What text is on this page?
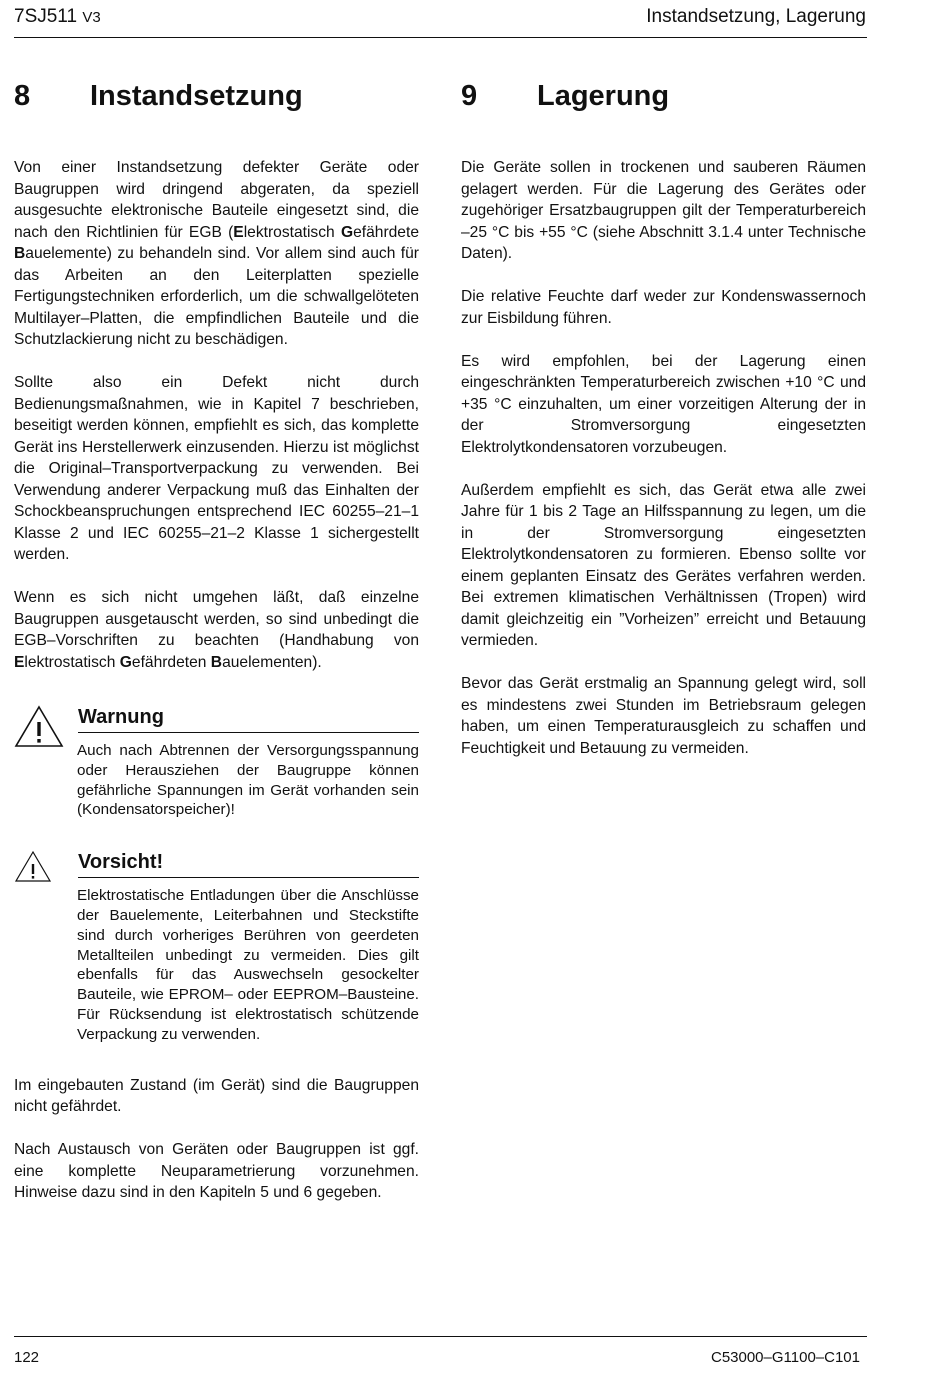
7SJ511 V3	Instandsetzung, Lagerung
8 Instandsetzung	9 Lagerung

Von einer Instandsetzung defekter Geräte oder Baugruppen wird dringend abgeraten, da speziell ausgesuchte elektronische Bauteile eingesetzt sind, die nach den Richtlinien für EGB (Elektrostatisch Gefährdete Bauelemente) zu behandeln sind. Vor allem sind auch für das Arbeiten an den Leiterplatten spezielle Fertigungstechniken erforderlich, um die schwallgelöteten Multilayer–Platten, die empfindlichen Bauteile und die Schutzlackierung nicht zu beschädigen.

Sollte also ein Defekt nicht durch Bedienungsmaßnahmen, wie in Kapitel 7 beschrieben, beseitigt werden können, empfiehlt es sich, das komplette Gerät ins Herstellerwerk einzusenden. Hierzu ist möglichst die Original–Transportverpackung zu verwenden. Bei Verwendung anderer Verpackung muß das Einhalten der Schockbeanspruchungen entsprechend IEC 60255–21–1 Klasse 2 und IEC 60255–21–2 Klasse 1 sichergestellt werden.

Wenn es sich nicht umgehen läßt, daß einzelne Baugruppen ausgetauscht werden, so sind unbedingt die EGB–Vorschriften zu beachten (Handhabung von Elektrostatisch Gefährdeten Bauelementen).

Warnung
Auch nach Abtrennen der Versorgungsspannung oder Herausziehen der Baugruppe können gefährliche Spannungen im Gerät vorhanden sein (Kondensatorspeicher)!
Vorsicht!
Elektrostatische Entladungen über die Anschlüsse der Bauelemente, Leiterbahnen und Steckstifte sind durch vorheriges Berühren von geerdeten Metallteilen unbedingt zu vermeiden. Dies gilt ebenfalls für das Auswechseln gesockelter Bauteile, wie EPROM– oder EEPROM–Bausteine. Für Rücksendung ist elektrostatisch schützende Verpackung zu verwenden.

Im eingebauten Zustand (im Gerät) sind die Baugruppen nicht gefährdet.

Nach Austausch von Geräten oder Baugruppen ist ggf. eine komplette Neuparametrierung vorzunehmen. Hinweise dazu sind in den Kapiteln 5 und 6 gegeben.

Die Geräte sollen in trockenen und sauberen Räumen gelagert werden. Für die Lagerung des Gerätes oder zugehöriger Ersatzbaugruppen gilt der Temperaturbereich –25 °C bis +55 °C (siehe Abschnitt 3.1.4 unter Technische Daten).

Die relative Feuchte darf weder zur Kondenswassernoch zur Eisbildung führen.

Es wird empfohlen, bei der Lagerung einen eingeschränkten Temperaturbereich zwischen +10 °C und +35 °C einzuhalten, um einer vorzeitigen Alterung der in der Stromversorgung eingesetzten Elektrolytkondensatoren vorzubeugen.

Außerdem empfiehlt es sich, das Gerät etwa alle zwei Jahre für 1 bis 2 Tage an Hilfsspannung zu legen, um die in der Stromversorgung eingesetzten Elektrolytkondensatoren zu formieren. Ebenso sollte vor einem geplanten Einsatz des Gerätes verfahren werden. Bei extremen klimatischen Verhältnissen (Tropen) wird damit gleichzeitig ein ”Vorheizen” erreicht und Betauung vermieden.

Bevor das Gerät erstmalig an Spannung gelegt wird, soll es mindestens zwei Stunden im Betriebsraum gelegen haben, um einen Temperaturausgleich zu schaffen und Feuchtigkeit und Betauung zu vermeiden.

122	C53000–G1100–C101
